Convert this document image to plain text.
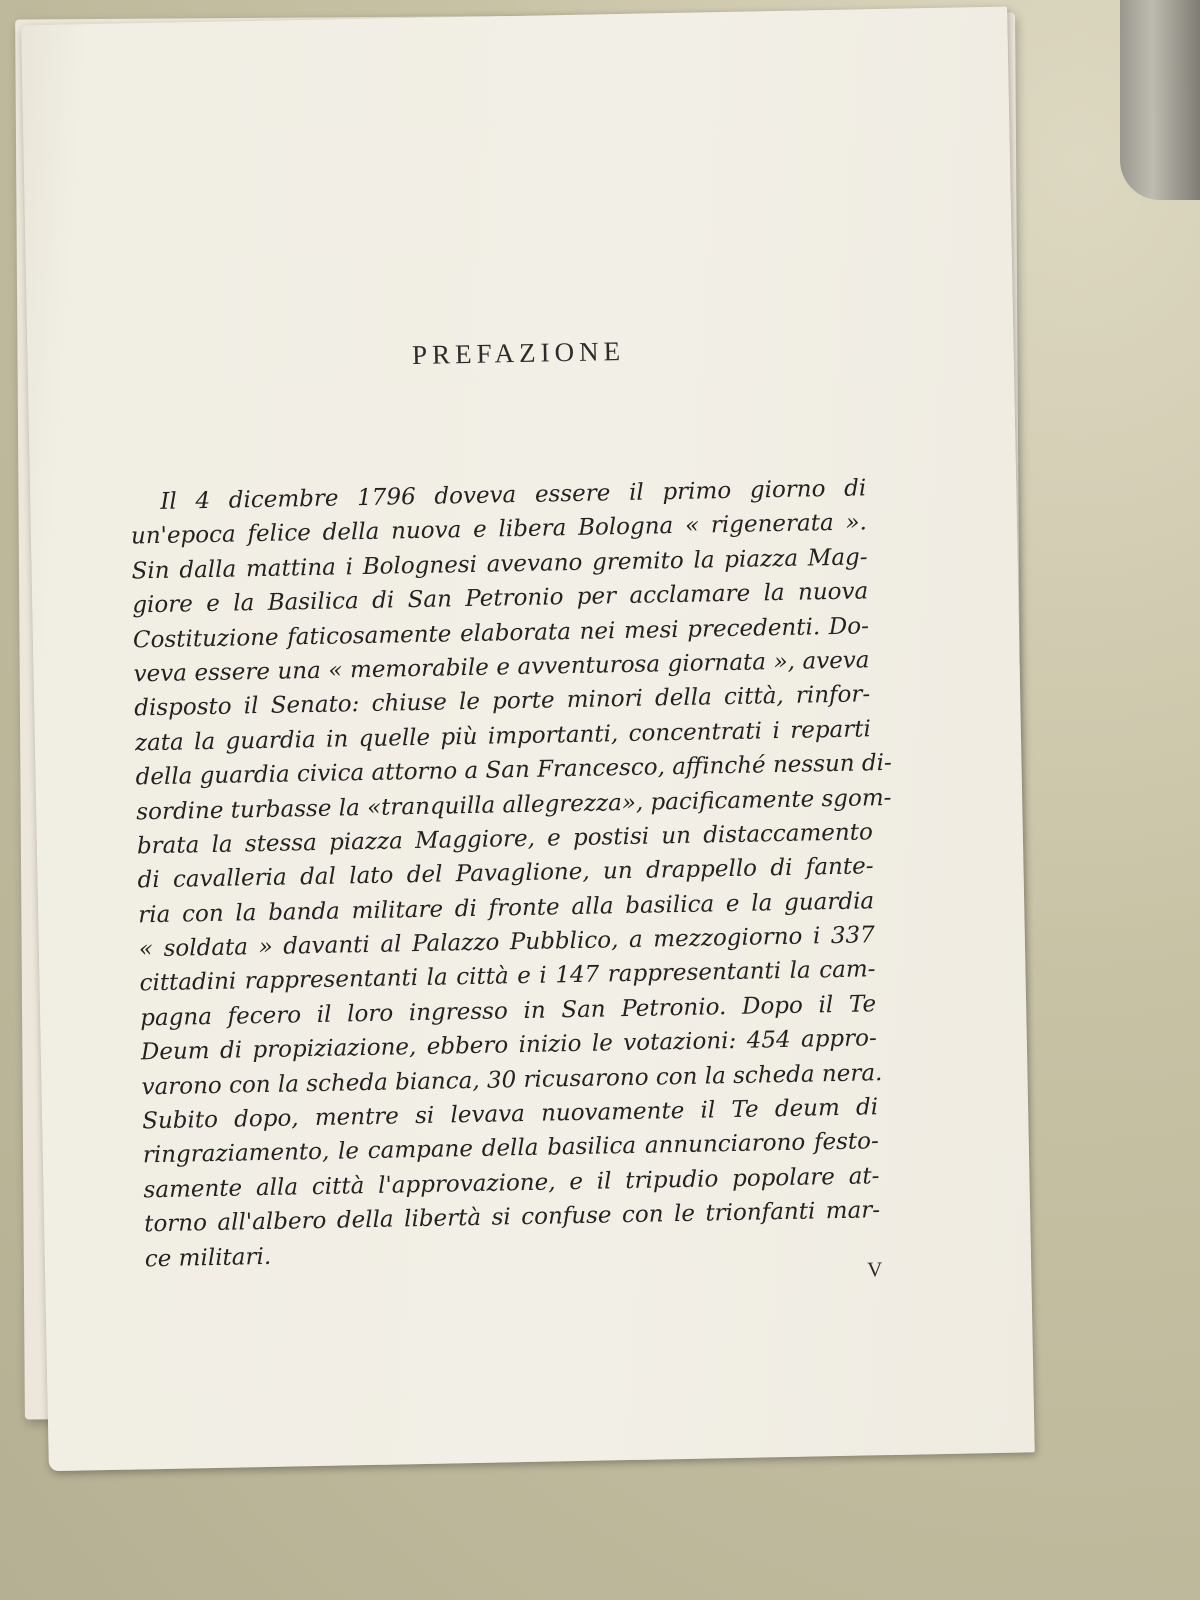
PREFAZIONE
Il 4 dicembre 1796 doveva essere il primo giorno di
un'epoca felice della nuova e libera Bologna « rigenerata ».
Sin dalla mattina i Bolognesi avevano gremito la piazza Mag-
giore e la Basilica di San Petronio per acclamare la nuova
Costituzione faticosamente elaborata nei mesi precedenti. Do-
veva essere una « memorabile e avventurosa giornata », aveva
disposto il Senato: chiuse le porte minori della città, rinfor-
zata la guardia in quelle più importanti, concentrati i reparti
della guardia civica attorno a San Francesco, affinché nessun di-
sordine turbasse la «tranquilla allegrezza», pacificamente sgom-
brata la stessa piazza Maggiore, e postisi un distaccamento
di cavalleria dal lato del Pavaglione, un drappello di fante-
ria con la banda militare di fronte alla basilica e la guardia
« soldata » davanti al Palazzo Pubblico, a mezzogiorno i 337
cittadini rappresentanti la città e i 147 rappresentanti la cam-
pagna fecero il loro ingresso in San Petronio. Dopo il Te
Deum di propiziazione, ebbero inizio le votazioni: 454 appro-
varono con la scheda bianca, 30 ricusarono con la scheda nera.
Subito dopo, mentre si levava nuovamente il Te deum di
ringraziamento, le campane della basilica annunciarono festo-
samente alla città l'approvazione, e il tripudio popolare at-
torno all'albero della libertà si confuse con le trionfanti mar-
ce militari.	V
